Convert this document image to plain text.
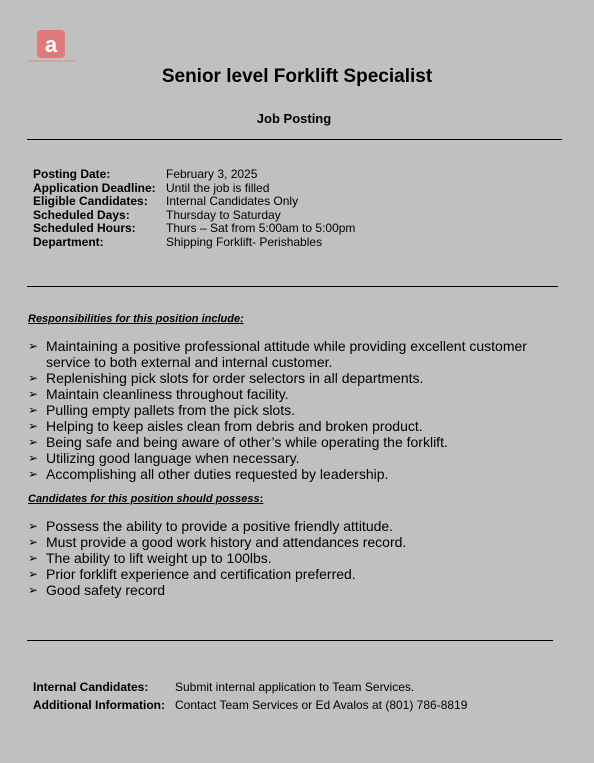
a
Senior level Forklift Specialist
Job Posting
Posting Date:	February 3, 2025
Application Deadline: Until the job is filled
Eligible Candidates:	Internal Candidates Only
Scheduled Days:	Thursday to Saturday
Scheduled Hours:	Thurs – Sat from 5:00am to 5:00pm
Department:	Shipping Forklift- Perishables
Responsibilities for this position include:
➢ Maintaining a positive professional attitude while providing excellent customer service to both external and internal customer.
➢ Replenishing pick slots for order selectors in all departments.
➢ Maintain cleanliness throughout facility.
➢ Pulling empty pallets from the pick slots.
➢ Helping to keep aisles clean from debris and broken product.
➢ Being safe and being aware of other’s while operating the forklift.
➢ Utilizing good language when necessary.
➢ Accomplishing all other duties requested by leadership.
Candidates for this position should possess:
➢ Possess the ability to provide a positive friendly attitude.
➢ Must provide a good work history and attendances record.
➢ The ability to lift weight up to 100lbs.
➢ Prior forklift experience and certification preferred.
➢ Good safety record
Internal Candidates:	Submit internal application to Team Services.
Additional Information: Contact Team Services or Ed Avalos at (801) 786-8819
